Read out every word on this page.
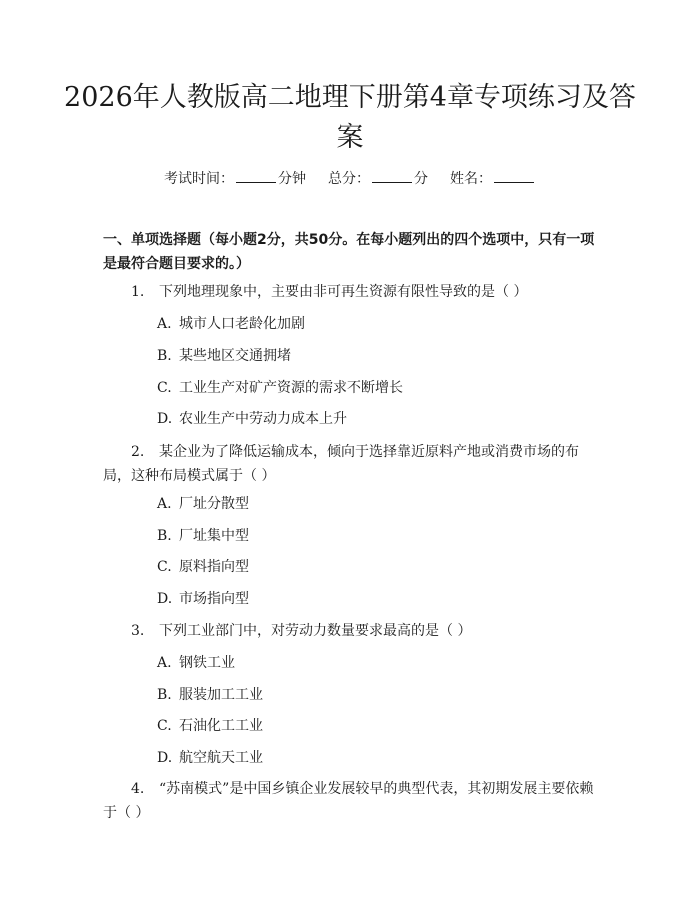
2026年人教版高二地理下册第4章专项练习及答案
考试时间：	分钟 总分：	分 姓名：
一、单项选择题（每小题2分，共50分。在每小题列出的四个选项中，只有一项是最符合题目要求的。）
1. 下列地理现象中，主要由非可再生资源有限性导致的是（ ）
A. 城市人口老龄化加剧
B. 某些地区交通拥堵
C. 工业生产对矿产资源的需求不断增长
D. 农业生产中劳动力成本上升
2. 某企业为了降低运输成本，倾向于选择靠近原料产地或消费市场的布局，这种布局模式属于（ ）
A. 厂址分散型
B. 厂址集中型
C. 原料指向型
D. 市场指向型
3. 下列工业部门中，对劳动力数量要求最高的是（ ）
A. 钢铁工业
B. 服装加工工业
C. 石油化工工业
D. 航空航天工业
4. “苏南模式”是中国乡镇企业发展较早的典型代表，其初期发展主要依赖于（ ）
